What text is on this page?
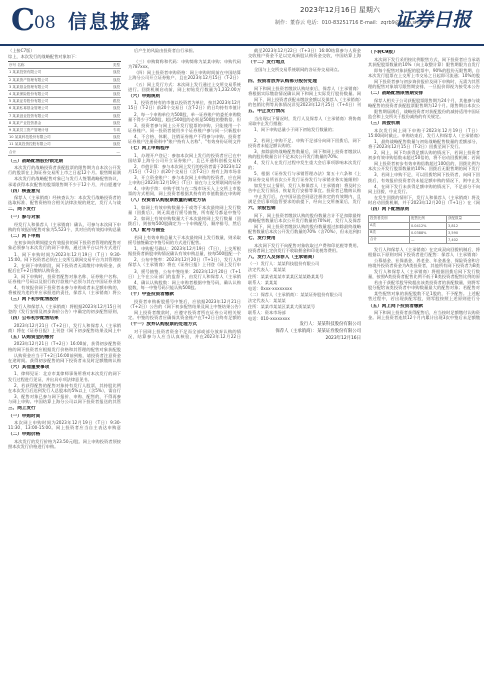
C 08 信息披露
2023年12月16日 星期六
制作：董春云 电话：010-83251716 E-mail：zqrb9@zqrb.sina.net
证券日报
（上接C7版）
综上，本次发行的战略配售对象如下：
序号 名称	类型
1 某某投资有限公司	战投
2 某某资产管理有限公司	战投
3 某某基金管理有限公司	战投
4 某某保险股份有限公司	战投
5 某某证券股份有限公司	跟投
6 某某私募基金管理公司	战投
7 某某创业投资有限公司	战投
8 某某产业投资基金	战投
9 某某员工资产管理计划	专项
10 某某科技股份有限公司	战投
11 某某投资控股有限公司	战投
合计	—
（三）战略配售股份锁定期

本次发行的战略投资者获配股票的限售期为自本次公开发行的股票在上海证券交易所上市之日起12个月。限售期届满

本次发行的战略配售对象已与发行人签署战略配售协议，承诺获得本次配售的股票限售期不少于12个月，并自愿遵守

（四）核查意见

保荐人（主承销商）经核查认为：本次发行战略投资者的选取标准、配售资格符合相关法律法规的规定，发行人与战

二、网下发行
（一）参与对象

经发行人和保荐人（主承销商）确认，可参与本次网下申购的有效报价配售对象为5,523个，其对应的有效拟申购总量

（二）网下申购

在初步询价期间提交有效报价的网下投资者管理的配售对象必须参与本次发行的网下申购，通过该平台以外方式进行

1、网下申购时间为2023年12月19日（T日）9:30-15:00。网下投资者必须在上交所互联网交易平台为其管理的

2、在网下申购阶段，网下投资者无需缴付申购资金，获配后在T+2日缴纳认购资金。

3、网下申购时，投资者配售对象名称、证券账户名称、证券账户号码以及银行收付款账户必须与其在中国证券业协

4、有效报价网下投资者未参与申购或者未足额申购的，将被视为违约并应承担违约责任，保荐人（主承销商）将公

（三）网下初步配售股份

发行人和保荐人（主承销商）将根据2023年12月15日刊登的《发行安排及初步询价公告》中确定的初步配售原则，

（四）公布初步配售结果

2023年12月21日（T+2日），发行人和保荐人（主承销商）将在《证券日报》上刊登《网下初步配售结果及网上中

（五）认购资金的缴付

2023年12月21日（T+2日）16:00前，获得初步配售资格的网下投资者应根据发行价格和其管理的配售对象获配股

认购资金应当于T+2日16:00前到账，请投资者注意资金在途时间。获得初步配售的网下投资者未及时足额缴纳认购

（六）其他重要事项

1、律师见证：北京市某律师事务所将对本次发行的网下发行过程进行见证，并出具专项法律意见书。

2、若获得配售的配售对象持有发行人股票，其持股比例在本次发行后达到发行人总股本的5%以上（含5%），需自行

3、配售对象已参与网下报价、申购、配售的，不得再参与网上申购。中国结算上海分公司以网下投资者报送的其管

三、网上发行
（一）申购时间

本次网上申购时间为2023年12月19日（T日）9:30-11:30、13:00-15:00。网上投资者应当自主表达申购意

（二）申购价格

本次发行的发行价格为23.50元/股。网上申购投资者须按照本次发行价格进行申购。

后产生的风险由投资者自行承担。

（三）申购简称和代码：申购简称为某某申购；申购代码为787xxx。

（四）网上投资者申购资格：网上申购时间前在中国结算上海分公司开立证券账户、且在2023年12月15日（T-2日）

（五）网上发行方式：本次网上发行通过上交所交易系统进行。回拨机制启动前，网上初始发行数量为1,232.00万

（六）申购规则

1、投资者持有的市值以投资者为单位，按其2023年12月15日（T-2日）前20个交易日（含T-2日）的日均持有市值计

2、每一个申购单位为500股，单一证券账户的委托申购数量不得少于500股，超过500股的必须是500股的整数倍，但

3、投资者参与网上公开发行股票的申购，只能使用一个证券账户。同一投资者使用多个证券账户参与同一只新股申

4、不合格、休眠、注销证券账户不得参与申购。投资者证券账户注册资料中"账户持有人名称"、"有效身份证明文件

（七）网上申购程序

1、办理开户登记：参加本次网上发行的投资者应已在中国结算上海分公司开立证券账户，且已开通科创板交易权

2、市值计算：参与本次网上发行的投资者需于2023年12月15日（T-2日）前20个交易日（含T-2日）持有上海市场非

3、开立资金账户：参与本次网上申购的投资者，应在网上申购日2023年12月19日（T日）前在与上交所联网的证券

4、申购手续：申购手续与在二级市场买入上交所上市股票的方式相同，网上投资者根据其持有的市值数据在申购时

（八）投资者认购股票数量的确定方法

1、如网上有效申购数量小于或等于本次最终网上发行数量（回拨后），则无需进行摇号抽签，所有配号都是中签号

2、如网上有效申购数量大于本次最终网上发行数量（回拨后），则按每500股确定为一个申购配号，顺序排号，然后

（九）配号与抽签

若网上有效申购总量大于本次最终网上发行数量，则采取摇号抽签确定中签号码的方式进行配售。

1、申购配号确认：2023年12月19日（T日），上交所根据投资者新股申购情况确认有效申购总量，按每500股配一个

2、公布中签率：2023年12月20日（T+1日），发行人和保荐人（主承销商）将在《证券日报》上刊登《网上发行申

3、摇号抽签、公布中签结果：2023年12月20日（T+1日）上午在公证部门的监督下，由发行人和保荐人（主承销

4、确认认购股数：网上申购者根据中签号码，确认认购股数，每一中签号码只能认购500股。

（十）中签投资者缴款

投资者申购新股摇号中签后，应依据2023年12月21日（T+2日）公告的《网下初步配售结果及网上中签结果公告》

网上投资者缴款时，应遵守投资者所在证券公司相关规定。中签的投资者应确保其资金账户在T+2日日终有足额的

（十一）放弃认购股票的处理方式

对于因网上投资者资金不足而全部或部分放弃认购的情况，结算参与人应当认真核验，并在2023年12月22日

截至2023年12月22日（T+3日）16:00结算参与人资金交收账户资金不足以完成新股认购资金交收，中国结算上海

（十二）发行地点

全国与上交所交易系统联网的各证券交易网点。

四、投资者放弃认购部分股份处理

网下和网上投资者缴款认购结束后，保荐人（主承销商）将根据实际缴款情况确认网下和网上实际发行股份数量。网

网下、网上投资者获配未缴款金额以及保荐人（主承销商）的包销比例等具体情况详见2023年12月25日（T+4日）刊

五、中止发行情况

当出现以下情况时，发行人及保荐人（主承销商）将协商采取中止发行措施：

1、网下申购总量小于网下初始发行数量的；

2、若网上申购不足，申购不足部分向网下回拨后，网下投资者未能足额认购的；

3、扣除最终战略配售数量后，网下和网上投资者缴款认购的股份数量合计不足本次公开发行数量的70%；

4、发行人在发行过程中发生重大会后事项影响本次发行的；

5、根据《证券发行与承销管理办法》第五十六条和《上海证券交易所首次公开发行证券发行与承销业务实施细则》

如发生以上情形，发行人和保荐人（主承销商）将及时公告中止发行原因、恢复发行安排等事宜。投资者已缴纳认购

中止发行后，在中国证监会同意注册决定的有效期内，且满足会后事项监管要求的前提下，经向上交所备案后，发行

六、余股包销

网下、网上投资者缴款认购的股份数量合计不足扣除最终战略配售数量后本次公开发行数量的70%时，发行人及保荐

网下、网上投资者缴款认购的股份数量超过扣除最终战略配售数量后本次公开发行数量的70%（含70%），但未达到扣

七、发行费用

本次网下发行不向配售对象收取过户费和印花税等费用。投资者网上定价发行不收取佣金和印花税等费用。

八、发行人及保荐人（主承销商）
（一）发行人：某某科技股份有限公司
法定代表人：某某某
住所：某某省某某市某某区某某路某某号
联系人：某某某
电话：0xxx-xxxxxxxx
（二）保荐人（主承销商）：某某证券股份有限公司
法定代表人：某某某
住所：某某市某某区某某大街某某号
联系人：资本市场部
电话：010-xxxxxxxx
发行人：某某科技股份有限公司
保荐人（主承销商）：某某证券股份有限公司
2023年12月16日
（下转C9版）

本次网下发行采用按比例限售方式，网下投资者应当承诺其获配股票数量的10%（向上取整计算）限售期限为自发行

即每个配售对象获配的股票中，90%的股份无限售期，自本次发行股票在上交所上市交易之日起即可流通；10%的股

网下投资者参与初步询价报价及网下申购时，无需为其管理的配售对象填写限售期安排，一旦报价即视为接受本公告

（二）战略配售限售期安排

保荐人相关子公司获配股票限售期为24个月，其他参与战略配售的投资者获配股票限售期为12个月。限售期自本次公

限售期届满后，战略投资者对获配股份的减持适用中国证监会和上交所关于股份减持的有关规定。

（三）回拨机制

本次发行网上网下申购于2023年12月19日（T日）15:00同时截止。申购结束后，发行人和保荐人（主承销商）

1、最终战略配售数量与初始战略配售数量的差额部分，将于2023年12月15日（T-2日）回拨至网下发行。

2、网上、网下均获得足额认购的情况下，若网上投资者初步有效申购倍数未超过50倍的，将不启动回拨机制；若网

网上投资者初步有效申购倍数超过100倍的，回拨比例为本次公开发行股票数量的10%；回拨后无限售期的网下发行

3、若网上申购不足，可以回拨给网下投资者，向网下回拨后，有效报价投资者仍未能足额申购的情况下，则中止发

4、在网下发行未获得足额申购的情况下，不足部分不向网上回拨，中止发行。

在发生回拨的情形下，发行人和保荐人（主承销商）将及时启动回拨机制，并于2023年12月20日（T+1日）在《网

（四）网下配售原则
投资者类别	配售比例	获配数量
A类	0.0412%	3,812
B类	0.0388%	3,590
合计	—	7,402

发行人和保荐人（主承销商）在完成双向回拨机制后，将根据以下原则对网下投资者进行配售：保荐人（主承销商）

公募基金、社保基金、养老金、年金基金、保险资金和合格境外投资者资金为A类投资者，其他所有网下投资者为B类

发行人和保荐人（主承销商）将根据回拨后网下发行数量，按照A类投资者配售比例不低于B类投资者配售比例的原

若由于获配零股导致超出该类投资者的获配数量，则将零股分配给该类投资者中申购数量最大的配售对象；若配售对

某些配售对象的获配股数不足1股的，不予配售。上述配售过程中，若出现获配零股，则零股按照上述原则进行分

（五）网上网下投资者缴款

网下和网上投资者获得配售后，应当按时足额缴付认购资金。网上投资者连续12个月内累计出现3次中签后未足额缴
